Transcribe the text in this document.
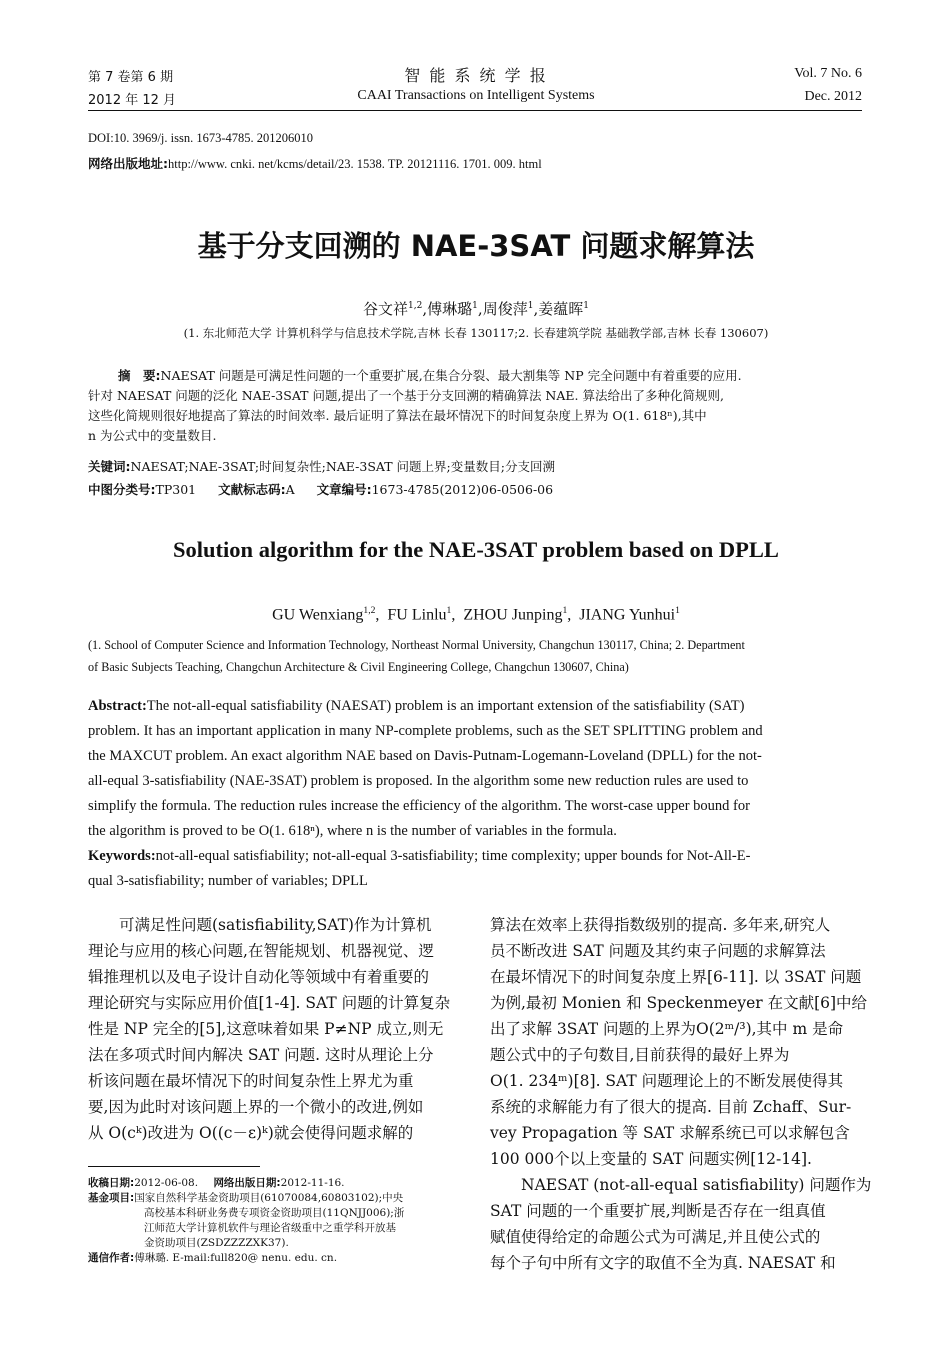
第 7 卷第 6 期
2012 年 12 月
智 能 系 统 学 报
CAAI Transactions on Intelligent Systems
Vol. 7 No. 6
Dec. 2012
DOI:10. 3969/j. issn. 1673-4785. 201206010
网络出版地址:http://www. cnki. net/kcms/detail/23. 1538. TP. 20121116. 1701. 009. html
基于分支回溯的 NAE-3SAT 问题求解算法
谷文祥$^{1,2}$,傅琳璐$^1$,周俊萍$^1$,姜蕴晖$^1$
(1. 东北师范大学 计算机科学与信息技术学院,吉林 长春 130117;2. 长春建筑学院 基础教学部,吉林 长春 130607)
摘　要:NAESAT 问题是可满足性问题的一个重要扩展,在集合分裂、最大割集等 NP 完全问题中有着重要的应用.
针对 NAESAT 问题的泛化 NAE-3SAT 问题,提出了一个基于分支回溯的精确算法 NAE. 算法给出了多种化简规则,
这些化简规则很好地提高了算法的时间效率. 最后证明了算法在最坏情况下的时间复杂度上界为 O(1. 618ⁿ),其中
n 为公式中的变量数目.
关键词:NAESAT;NAE-3SAT;时间复杂性;NAE-3SAT 问题上界;变量数目;分支回溯
中图分类号:TP301 文献标志码:A 文章编号:1673-4785(2012)06-0506-06
Solution algorithm for the NAE-3SAT problem based on DPLL
GU Wenxiang$^{1,2}$,  FU Linlu$^1$,  ZHOU Junping$^1$,  JIANG Yunhui$^1$
(1. School of Computer Science and Information Technology, Northeast Normal University, Changchun 130117, China; 2. Department
of Basic Subjects Teaching, Changchun Architecture & Civil Engineering College, Changchun 130607, China)
Abstract:The not-all-equal satisfiability (NAESAT) problem is an important extension of the satisfiability (SAT)
problem. It has an important application in many NP-complete problems, such as the SET SPLITTING problem and
the MAXCUT problem. An exact algorithm NAE based on Davis-Putnam-Logemann-Loveland (DPLL) for the not-
all-equal 3-satisfiability (NAE-3SAT) problem is proposed. In the algorithm some new reduction rules are used to
simplify the formula. The reduction rules increase the efficiency of the algorithm. The worst-case upper bound for
the algorithm is proved to be O(1. 618ⁿ), where n is the number of variables in the formula.
Keywords:not-all-equal satisfiability; not-all-equal 3-satisfiability; time complexity; upper bounds for Not-All-E-
qual 3-satisfiability; number of variables; DPLL
　　可满足性问题(satisfiability,SAT)作为计算机
理论与应用的核心问题,在智能规划、机器视觉、逻
辑推理机以及电子设计自动化等领域中有着重要的
理论研究与实际应用价值[1-4]. SAT 问题的计算复杂
性是 NP 完全的[5],这意味着如果 P≠NP 成立,则无
法在多项式时间内解决 SAT 问题. 这时从理论上分
析该问题在最坏情况下的时间复杂性上界尤为重
要,因为此时对该问题上界的一个微小的改进,例如
从 O(cᵏ)改进为 O((c－ε)ᵏ)就会使得问题求解的
算法在效率上获得指数级别的提高. 多年来,研究人
员不断改进 SAT 问题及其约束子问题的求解算法
在最坏情况下的时间复杂度上界[6-11]. 以 3SAT 问题
为例,最初 Monien 和 Speckenmeyer 在文献[6]中给
出了求解 3SAT 问题的上界为O(2ᵐ/³),其中 m 是命
题公式中的子句数目,目前获得的最好上界为
O(1. 234ᵐ)[8]. SAT 问题理论上的不断发展使得其
系统的求解能力有了很大的提高. 目前 Zchaff、Sur-
vey Propagation 等 SAT 求解系统已可以求解包含
100 000个以上变量的 SAT 问题实例[12-14].
　　NAESAT (not-all-equal satisfiability) 问题作为
SAT 问题的一个重要扩展,判断是否存在一组真值
赋值使得给定的命题公式为可满足,并且使公式的
每个子句中所有文字的取值不全为真. NAESAT 和
收稿日期:2012-06-08. 网络出版日期:2012-11-16.
基金项目:国家自然科学基金资助项目(61070084,60803102);中央
高校基本科研业务费专项资金资助项目(11QNJJ006);浙
江师范大学计算机软件与理论省级重中之重学科开放基
金资助项目(ZSDZZZZXK37).
通信作者:傅琳璐. E-mail:full820@ nenu. edu. cn.
